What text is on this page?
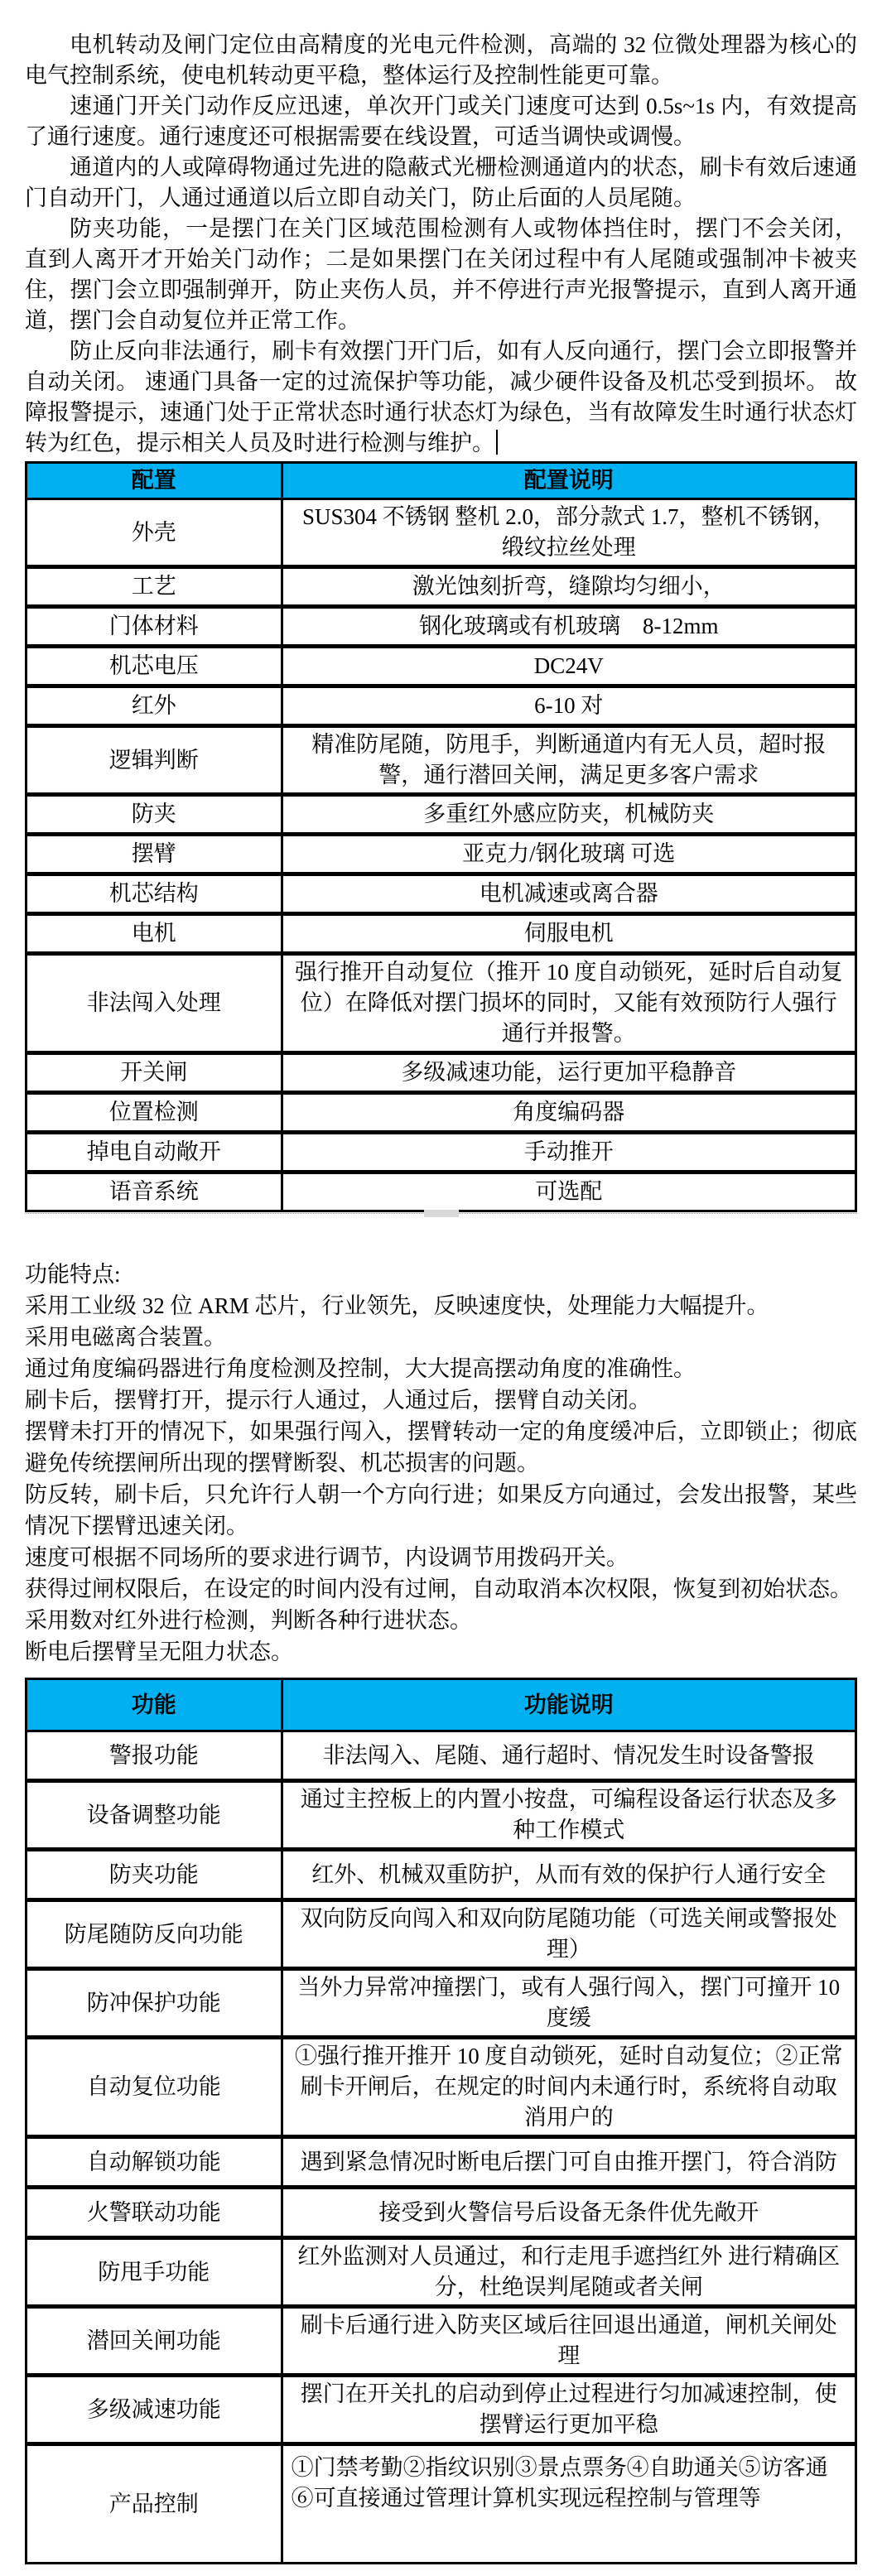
电机转动及闸门定位由高精度的光电元件检测，高端的 32 位微处理器为核心的电气控制系统，使电机转动更平稳，整体运行及控制性能更可靠。

速通门开关门动作反应迅速，单次开门或关门速度可达到 0.5s~1s 内，有效提高了通行速度。通行速度还可根据需要在线设置，可适当调快或调慢。

通道内的人或障碍物通过先进的隐蔽式光栅检测通道内的状态，刷卡有效后速通门自动开门，人通过通道以后立即自动关门，防止后面的人员尾随。

防夹功能，一是摆门在关门区域范围检测有人或物体挡住时，摆门不会关闭， 直到人离开才开始关门动作；二是如果摆门在关闭过程中有人尾随或强制冲卡被夹住，摆门会立即强制弹开，防止夹伤人员，并不停进行声光报警提示，直到人离开通道，摆门会自动复位并正常工作。

防止反向非法通行，刷卡有效摆门开门后，如有人反向通行，摆门会立即报警并自动关闭。 速通门具备一定的过流保护等功能，减少硬件设备及机芯受到损坏。 故障报警提示，速通门处于正常状态时通行状态灯为绿色，当有故障发生时通行状态灯转为红色，提示相关人员及时进行检测与维护。

配置	配置说明
外壳	SUS304 不锈钢 整机 2.0，部分款式 1.7，整机不锈钢，缎纹拉丝处理
工艺	激光蚀刻折弯，缝隙均匀细小，
门体材料	钢化玻璃或有机玻璃　8-12mm
机芯电压	DC24V
红外	6-10 对
逻辑判断	精准防尾随，防甩手，判断通道内有无人员，超时报警，通行潜回关闸，满足更多客户需求
防夹	多重红外感应防夹，机械防夹
摆臂	亚克力/钢化玻璃 可选
机芯结构	电机减速或离合器
电机	伺服电机
非法闯入处理	强行推开自动复位（推开 10 度自动锁死，延时后自动复位）在降低对摆门损坏的同时，又能有效预防行人强行通行并报警。
开关闸	多级减速功能，运行更加平稳静音
位置检测	角度编码器
掉电自动敞开	手动推开
语音系统	可选配

功能特点:

采用工业级 32 位 ARM 芯片，行业领先，反映速度快，处理能力大幅提升。

采用电磁离合装置。

通过角度编码器进行角度检测及控制，大大提高摆动角度的准确性。

刷卡后，摆臂打开，提示行人通过，人通过后，摆臂自动关闭。

摆臂未打开的情况下，如果强行闯入，摆臂转动一定的角度缓冲后，立即锁止；彻底避免传统摆闸所出现的摆臂断裂、机芯损害的问题。

防反转，刷卡后，只允许行人朝一个方向行进；如果反方向通过，会发出报警，某些情况下摆臂迅速关闭。

速度可根据不同场所的要求进行调节，内设调节用拨码开关。

获得过闸权限后，在设定的时间内没有过闸，自动取消本次权限，恢复到初始状态。

采用数对红外进行检测，判断各种行进状态。

断电后摆臂呈无阻力状态。

功能	功能说明
警报功能	非法闯入、尾随、通行超时、情况发生时设备警报
设备调整功能	通过主控板上的内置小按盘，可编程设备运行状态及多种工作模式
防夹功能	红外、机械双重防护，从而有效的保护行人通行安全
防尾随防反向功能	双向防反向闯入和双向防尾随功能（可选关闸或警报处理）
防冲保护功能	当外力异常冲撞摆门，或有人强行闯入，摆门可撞开 10 度缓
自动复位功能	①强行推开推开 10 度自动锁死，延时自动复位；②正常刷卡开闸后，在规定的时间内未通行时，系统将自动取消用户的
自动解锁功能	遇到紧急情况时断电后摆门可自由推开摆门，符合消防
火警联动功能	接受到火警信号后设备无条件优先敞开
防甩手功能	红外监测对人员通过，和行走甩手遮挡红外 进行精确区分，杜绝误判尾随或者关闸
潜回关闸功能	刷卡后通行进入防夹区域后往回退出通道，闸机关闸处理
多级减速功能	摆门在开关扎的启动到停止过程进行匀加减速控制，使摆臂运行更加平稳
产品控制	①门禁考勤②指纹识别③景点票务④自助通关⑤访客通⑥可直接通过管理计算机实现远程控制与管理等
